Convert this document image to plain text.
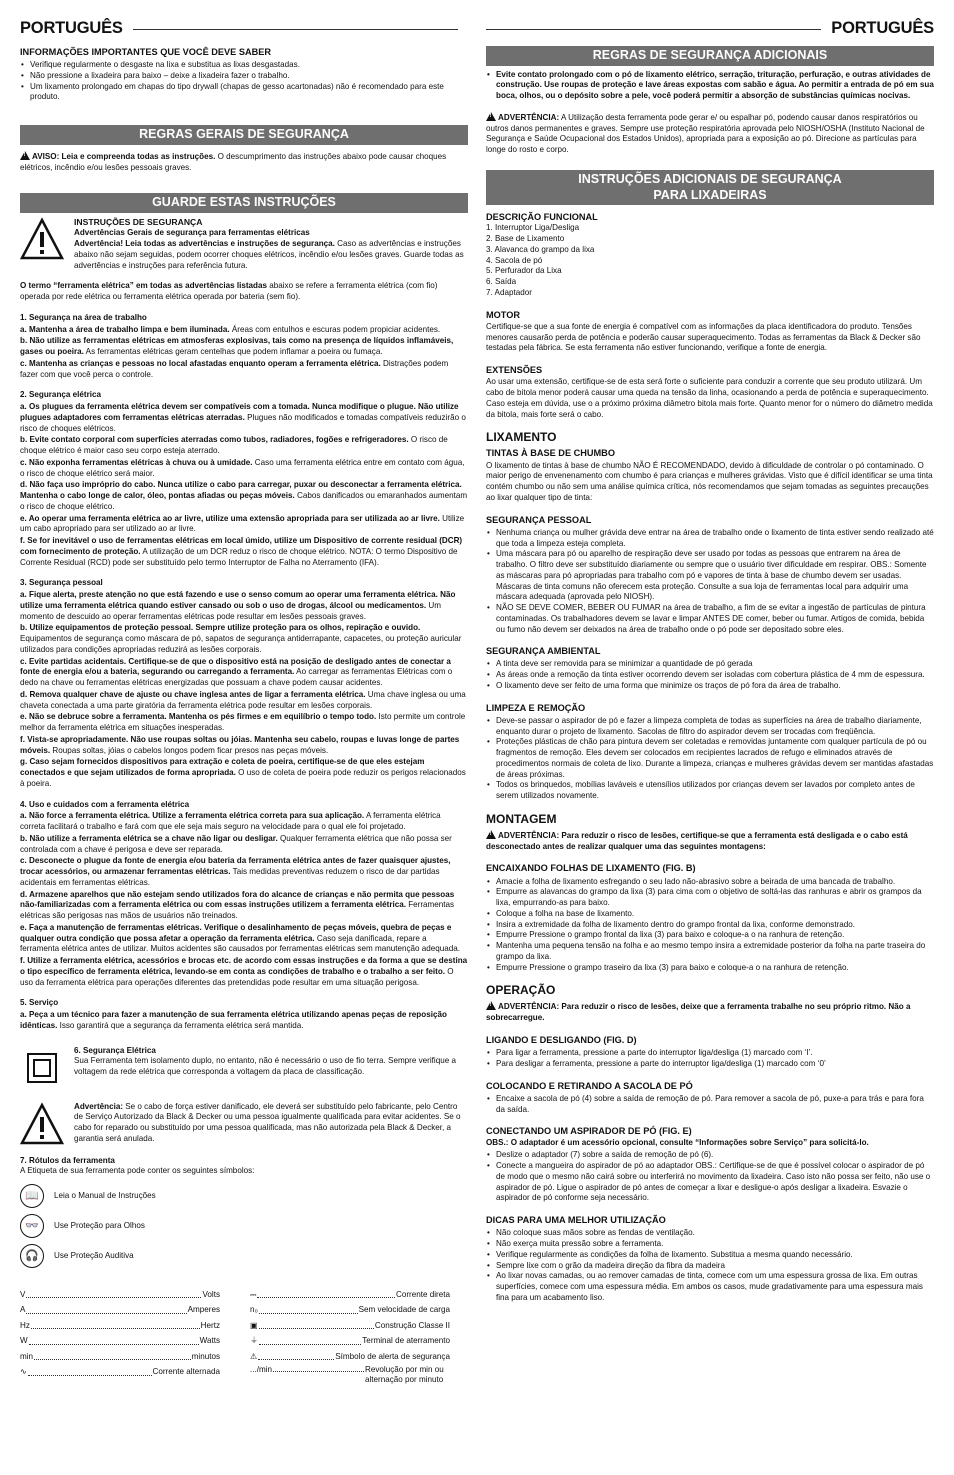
PORTUGUÊS
INFORMAÇÕES IMPORTANTES QUE VOCÊ DEVE SABER
• Verifique regularmente o desgaste na lixa e substitua as lixas desgastadas.
• Não pressione a lixadeira para baixo – deixe a lixadeira fazer o trabalho.
• Um lixamento prolongado em chapas do tipo drywall (chapas de gesso acartonadas) não é recomendado para este produto.
REGRAS GERAIS DE SEGURANÇA

!AVISO: Leia e compreenda todas as instruções. O descumprimento das instruções abaixo pode causar choques elétricos, incêndio e/ou lesões pessoais graves.

GUARDE ESTAS INSTRUÇÕES
INSTRUÇÕES DE SEGURANÇA
Advertências Gerais de segurança para ferramentas elétricas
Advertência! Leia todas as advertências e instruções de segurança. Caso as advertências e instruções abaixo não sejam seguidas, podem ocorrer choques elétricos, incêndio e/ou lesões graves. Guarde todas as advertências e instruções para referência futura.

O termo “ferramenta elétrica” em todas as advertências listadas abaixo se refere a ferramenta elétrica (com fio) operada por rede elétrica ou ferramenta elétrica operada por bateria (sem fio).

1. Segurança na área de trabalho
a. Mantenha a área de trabalho limpa e bem iluminada. Áreas com entulhos e escuras podem propiciar acidentes.
b. Não utilize as ferramentas elétricas em atmosferas explosivas, tais como na presença de líquidos inflamáveis, gases ou poeira. As ferramentas elétricas geram centelhas que podem inflamar a poeira ou fumaça.
c. Mantenha as crianças e pessoas no local afastadas enquanto operam a ferramenta elétrica. Distrações podem fazer com que você perca o controle.
2. Segurança elétrica
a. Os plugues da ferramenta elétrica devem ser compatíveis com a tomada. Nunca modifique o plugue. Não utilize plugues adaptadores com ferramentas elétricas aterradas. Plugues não modificados e tomadas compatíveis reduzirão o risco de choques elétricos.
b. Evite contato corporal com superfícies aterradas como tubos, radiadores, fogões e refrigeradores. O risco de choque elétrico é maior caso seu corpo esteja aterrado.
c. Não exponha ferramentas elétricas à chuva ou à umidade. Caso uma ferramenta elétrica entre em contato com água, o risco de choque elétrico será maior.
d. Não faça uso impróprio do cabo. Nunca utilize o cabo para carregar, puxar ou desconectar a ferramenta elétrica. Mantenha o cabo longe de calor, óleo, pontas afiadas ou peças móveis. Cabos danificados ou emaranhados aumentam o risco de choque elétrico.
e. Ao operar uma ferramenta elétrica ao ar livre, utilize uma extensão apropriada para ser utilizada ao ar livre. Utilize um cabo apropriado para ser utilizado ao ar livre.
f. Se for inevitável o uso de ferramentas elétricas em local úmido, utilize um Dispositivo de corrente residual (DCR) com fornecimento de proteção. A utilização de um DCR reduz o risco de choque elétrico. NOTA: O termo Dispositivo de Corrente Residual (RCD) pode ser substituído pelo termo Interruptor de Falha no Aterramento (IFA).
3. Segurança pessoal
a. Fique alerta, preste atenção no que está fazendo e use o senso comum ao operar uma ferramenta elétrica. Não utilize uma ferramenta elétrica quando estiver cansado ou sob o uso de drogas, álcool ou medicamentos. Um momento de descuido ao operar ferramentas elétricas pode resultar em lesões pessoais graves.
b. Utilize equipamentos de proteção pessoal. Sempre utilize proteção para os olhos, repiração e ouvido. Equipamentos de segurança como máscara de pó, sapatos de segurança antiderrapante, capacetes, ou proteção auricular utilizados para condições apropriadas reduzirá as lesões corporais.
c. Evite partidas acidentais. Certifique-se de que o dispositivo está na posição de desligado antes de conectar a fonte de energia e/ou a bateria, segurando ou carregando a ferramenta. Ao carregar as ferramentas Elétricas com o dedo na chave ou ferramentas elétricas energizadas que possuam a chave podem causar acidentes.
d. Remova qualquer chave de ajuste ou chave inglesa antes de ligar a ferramenta elétrica. Uma chave inglesa ou uma chaveta conectada a uma parte giratória da ferramenta elétrica pode resultar em lesões corporais.
e. Não se debruce sobre a ferramenta. Mantenha os pés firmes e em equilíbrio o tempo todo. Isto permite um controle melhor da ferramenta elétrica em situações inesperadas.
f. Vista-se apropriadamente. Não use roupas soltas ou jóias. Mantenha seu cabelo, roupas e luvas longe de partes móveis. Roupas soltas, jóias o cabelos longos podem ficar presos nas peças móveis.
g. Caso sejam fornecidos dispositivos para extração e coleta de poeira, certifique-se de que eles estejam conectados e que sejam utilizados de forma apropriada. O uso de coleta de poeira pode reduzir os perigos relacionados à poeira.
4. Uso e cuidados com a ferramenta elétrica
a. Não force a ferramenta elétrica. Utilize a ferramenta elétrica correta para sua aplicação. A ferramenta elétrica correta facilitará o trabalho e fará com que ele seja mais seguro na velocidade para o qual ele foi projetado.
b. Não utilize a ferramenta elétrica se a chave não ligar ou desligar. Qualquer ferramenta elétrica que não possa ser controlada com a chave é perigosa e deve ser reparada.
c. Desconecte o plugue da fonte de energia e/ou bateria da ferramenta elétrica antes de fazer quaisquer ajustes, trocar acessórios, ou armazenar ferramentas elétricas. Tais medidas preventivas reduzem o risco de dar partidas acidentais em ferramentas elétricas.
d. Armazene aparelhos que não estejam sendo utilizados fora do alcance de crianças e não permita que pessoas não-familiarizadas com a ferramenta elétrica ou com essas instruções utilizem a ferramenta elétrica. Ferramentas elétricas são perigosas nas mãos de usuários não treinados.
e. Faça a manutenção de ferramentas elétricas. Verifique o desalinhamento de peças móveis, quebra de peças e qualquer outra condição que possa afetar a operação da ferramenta elétrica. Caso seja danificada, repare a ferramenta elétrica antes de utilizar. Muitos acidentes são causados por ferramentas elétricas sem manutenção adequada.
f. Utilize a ferramenta elétrica, acessórios e brocas etc. de acordo com essas instruções e da forma a que se destina o tipo específico de ferramenta elétrica, levando-se em conta as condições de trabalho e o trabalho a ser feito. O uso da ferramenta elétrica para operações diferentes das pretendidas pode resultar em uma situação perigosa.
5. Serviço
a. Peça a um técnico para fazer a manutenção de sua ferramenta elétrica utilizando apenas peças de reposição idênticas. Isso garantirá que a segurança da ferramenta elétrica será mantida.
6. Segurança Elétrica
Sua Ferramenta tem isolamento duplo, no entanto, não é necessário o uso de fio terra. Sempre verifique a voltagem da rede elétrica que corresponda a voltagem da placa de classificação.
Advertência: Se o cabo de força estiver danificado, ele deverá ser substituído pelo fabricante, pelo Centro de Serviço Autorizado da Black & Decker ou uma pessoa igualmente qualificada para evitar acidentes. Se o cabo for reparado ou substituído por uma pessoa qualificada, mas não autorizada pela Black & Decker, a garantia será anulada.
7. Rótulos da ferramenta
A Etiqueta de sua ferramenta pode conter os seguintes símbolos:
📖	Leia o Manual de Instruções
👓	Use Proteção para Olhos
🎧	Use Proteção Auditiva
V	Volts
A	Amperes
Hz	Hertz
W	Watts
min	minutos
∿	Corrente alternada
⎓	Corrente direta
n₀	Sem velocidade de carga
▣	Construção Classe II
⏚	Terminal de aterramento
⚠	Símbolo de alerta de segurança
.../min	Revolução por min ou alternação por minuto
PORTUGUÊS
REGRAS DE SEGURANÇA ADICIONAIS
• Evite contato prolongado com o pó de lixamento elétrico, serração, trituração, perfuração, e outras atividades de construção. Use roupas de proteção e lave áreas expostas com sabão e água. Ao permitir a entrada de pó em sua boca, olhos, ou o depósito sobre a pele, você poderá permitir a absorção de substâncias químicas nocivas.

!ADVERTÊNCIA: A Utilização desta ferramenta pode gerar e/ ou espalhar pó, podendo causar danos respiratórios ou outros danos permanentes e graves. Sempre use proteção respiratória aprovada pelo NIOSH/OSHA (Instituto Nacional de Segurança e Saúde Ocupacional dos Estados Unidos), apropriada para a exposição ao pó. Direcione as partículas para longe do rosto e corpo.

INSTRUÇÕES ADICIONAIS DE SEGURANÇA
PARA LIXADEIRAS
DESCRIÇÃO FUNCIONAL
1. Interruptor Liga/Desliga
2. Base de Lixamento
3. Alavanca do grampo da lixa
4. Sacola de pó
5. Perfurador da Lixa
6. Saída
7. Adaptador
MOTOR

Certifique-se que a sua fonte de energia é compatível com as informações da placa identificadora do produto. Tensões menores causarão perda de potência e poderão causar superaquecimento. Todas as ferramentas da Black & Decker são testadas pela fábrica. Se esta ferramenta não estiver funcionando, verifique a fonte de energia.

EXTENSÕES

Ao usar uma extensão, certifique-se de esta será forte o suficiente para conduzir a corrente que seu produto utilizará. Um cabo de bitola menor poderá causar uma queda na tensão da linha, ocasionando a perda de potência e superaquecimento. Caso esteja em dúvida, use o a próximo próxima diâmetro bitola mais forte. Quanto menor for o número do diâmetro medida da bitola, mais forte será o cabo.

LIXAMENTO
TINTAS À BASE DE CHUMBO

O lixamento de tintas à base de chumbo NÃO É RECOMENDADO, devido à dificuldade de controlar o pó contaminado. O maior perigo de envenenamento com chumbo é para crianças e mulheres grávidas. Visto que é difícil identificar se uma tinta contém chumbo ou não sem uma análise química crítica, nós recomendamos que sejam tomadas as seguintes precauções ao lixar qualquer tipo de tinta:

SEGURANÇA PESSOAL
• Nenhuma criança ou mulher grávida deve entrar na área de trabalho onde o lixamento de tinta estiver sendo realizado até que toda a limpeza esteja completa.
• Uma máscara para pó ou aparelho de respiração deve ser usado por todas as pessoas que entrarem na área de trabalho. O filtro deve ser substituído diariamente ou sempre que o usuário tiver dificuldade em respirar. OBS.: Somente as máscaras para pó apropriadas para trabalho com pó e vapores de tinta à base de chumbo devem ser usadas. Máscaras de tinta comuns não oferecem esta proteção. Consulte a sua loja de ferramentas local para adquirir uma máscara adequada (aprovada pelo NIOSH).
• NÃO SE DEVE COMER, BEBER OU FUMAR na área de trabalho, a fim de se evitar a ingestão de partículas de pintura contaminadas. Os trabalhadores devem se lavar e limpar ANTES DE comer, beber ou fumar. Artigos de comida, bebida ou fumo não devem ser deixados na área de trabalho onde o pó pode ser depositado sobre eles.
SEGURANÇA AMBIENTAL
• A tinta deve ser removida para se minimizar a quantidade de pó gerada
• As áreas onde a remoção da tinta estiver ocorrendo devem ser isoladas com cobertura plástica de 4 mm de espessura.
• O lixamento deve ser feito de uma forma que minimize os traços de pó fora da área de trabalho.
LIMPEZA E REMOÇÃO
• Deve-se passar o aspirador de pó e fazer a limpeza completa de todas as superfícies na área de trabalho diariamente, enquanto durar o projeto de lixamento. Sacolas de filtro do aspirador devem ser trocadas com freqüência.
• Proteções plásticas de chão para pintura devem ser coletadas e removidas juntamente com qualquer partícula de pó ou fragmentos de remoção. Eles devem ser colocados em recipientes lacrados de refugo e eliminados através de procedimentos normais de coleta de lixo. Durante a limpeza, crianças e mulheres grávidas devem ser mantidas afastadas de áreas próximas.
• Todos os brinquedos, mobílias laváveis e utensílios utilizados por crianças devem ser lavados por completo antes de serem utilizados novamente.
MONTAGEM

!ADVERTÊNCIA: Para reduzir o risco de lesões, certifique-se que a ferramenta está desligada e o cabo está desconectado antes de realizar qualquer uma das seguintes montagens:

ENCAIXANDO FOLHAS DE LIXAMENTO (FIG. B)
• Amacie a folha de lixamento esfregando o seu lado não-abrasivo sobre a beirada de uma bancada de trabalho.
• Empurre as alavancas do grampo da lixa (3) para cima com o objetivo de soltá-las das ranhuras e abrir os grampos da lixa, empurrando-as para baixo.
• Coloque a folha na base de lixamento.
• Insira a extremidade da folha de lixamento dentro do grampo frontal da lixa, conforme demonstrado.
• Empurre Pressione o grampo frontal da lixa (3) para baixo e coloque-a o na ranhura de retenção.
• Mantenha uma pequena tensão na folha e ao mesmo tempo insira a extremidade posterior da folha na parte traseira do grampo da lixa.
• Empurre Pressione o grampo traseiro da lixa (3) para baixo e coloque-a o na ranhura de retenção.
OPERAÇÃO

!ADVERTÊNCIA: Para reduzir o risco de lesões, deixe que a ferramenta trabalhe no seu próprio ritmo. Não a sobrecarregue.

LIGANDO E DESLIGANDO (FIG. D)
• Para ligar a ferramenta, pressione a parte do interruptor liga/desliga (1) marcado com ‘I’.
• Para desligar a ferramenta, pressione a parte do interruptor liga/desliga (1) marcado com ‘0’
COLOCANDO E RETIRANDO A SACOLA DE PÓ
• Encaixe a sacola de pó (4) sobre a saída de remoção de pó. Para remover a sacola de pó, puxe-a para trás e para fora da saída.
CONECTANDO UM ASPIRADOR DE PÓ (FIG. E)
OBS.: O adaptador é um acessório opcional, consulte “Informações sobre Serviço” para solicitá-lo.
• Deslize o adaptador (7) sobre a saída de remoção de pó (6).
• Conecte a mangueira do aspirador de pó ao adaptador OBS.: Certifique-se de que é possível colocar o aspirador de pó de modo que o mesmo não cairá sobre ou interferirá no movimento da lixadeira. Caso isto não possa ser feito, não use o aspirador de pó. Ligue o aspirador de pó antes de começar a lixar e desligue-o após desligar a lixadeira. Esvazie o aspirador de pó conforme seja necessário.
DICAS PARA UMA MELHOR UTILIZAÇÃO
• Não coloque suas mãos sobre as fendas de ventilação.
• Não exerça muita pressão sobre a ferramenta.
• Verifique regularmente as condições da folha de lixamento. Substitua a mesma quando necessário.
• Sempre lixe com o grão da madeira direção da fibra da madeira
• Ao lixar novas camadas, ou ao remover camadas de tinta, comece com um uma espessura grossa de lixa. Em outras superfícies, comece com uma espessura média. Em ambos os casos, mude gradativamente para uma espessura mais fina para um acabamento liso.
